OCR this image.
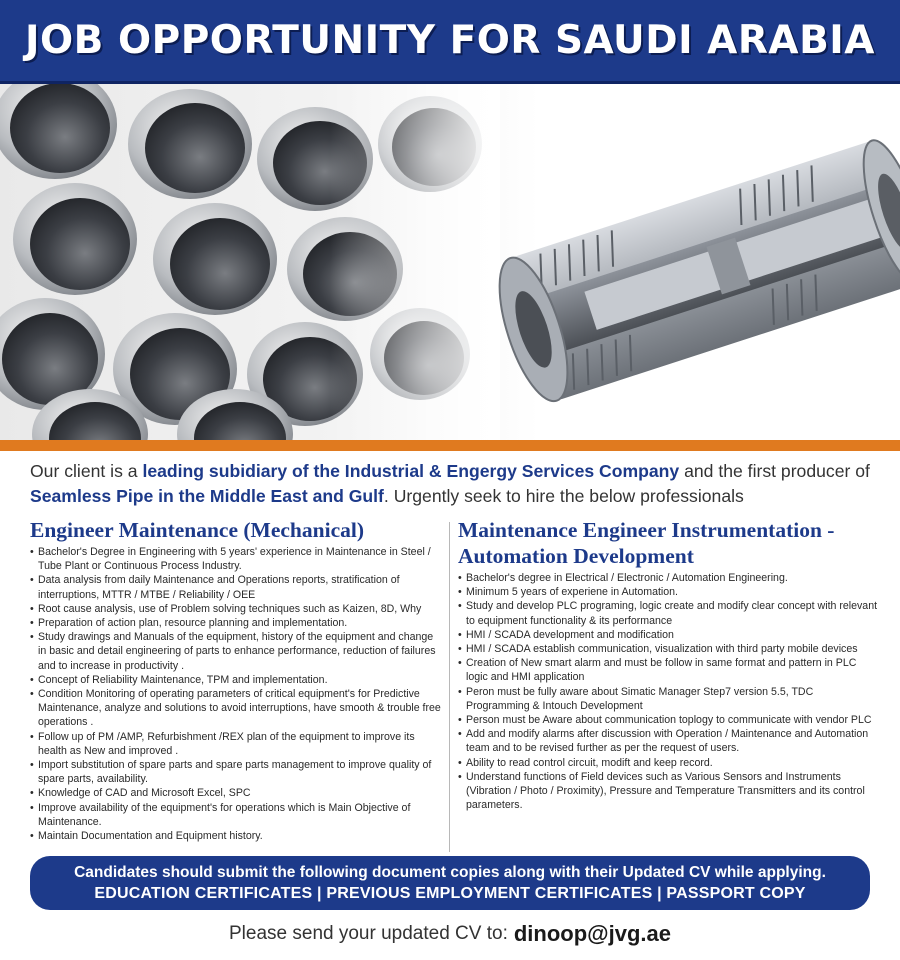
JOB OPPORTUNITY FOR SAUDI ARABIA

Our client is a leading subidiary of the Industrial & Engergy Services Company and the first producer of Seamless Pipe in the Middle East and Gulf. Urgently seek to hire the below professionals

Engineer Maintenance (Mechanical)
• Bachelor's Degree in Engineering with 5 years' experience in Maintenance in Steel / Tube Plant or Continuous Process Industry.
• Data analysis from daily Maintenance and Operations reports, stratification of interruptions, MTTR / MTBE / Reliability / OEE
• Root cause analysis, use of Problem solving techniques such as Kaizen, 8D, Why
• Preparation of action plan, resource planning and implementation.
• Study drawings and Manuals of the equipment, history of the equipment and change in basic and detail engineering of parts to enhance performance, reduction of failures and to increase in productivity .
• Concept of Reliability Maintenance, TPM and implementation.
• Condition Monitoring of operating parameters of critical equipment's for Predictive Maintenance, analyze and solutions to avoid interruptions, have smooth & trouble free operations .
• Follow up of PM /AMP, Refurbishment /REX plan of the equipment to improve its health as New and improved .
• Import substitution of spare parts and spare parts management to improve quality of spare parts, availability.
• Knowledge of CAD and Microsoft Excel, SPC
• Improve availability of the equipment's for operations which is Main Objective of Maintenance.
• Maintain Documentation and Equipment history.
Maintenance Engineer Instrumentation - Automation Development
• Bachelor's degree in Electrical / Electronic / Automation Engineering.
• Minimum 5 years of experiene in Automation.
• Study and develop PLC programing, logic create and modify clear concept with relevant to equipment functionality & its performance
• HMI / SCADA development and modification
• HMI / SCADA establish communication, visualization with third party mobile devices
• Creation of New smart alarm and must be follow in same format and pattern in PLC logic and HMI application
• Peron must be fully aware about Simatic Manager Step7 version 5.5, TDC Programming & Intouch Development
• Person must be Aware about communication toplogy to communicate with vendor PLC
• Add and modify alarms after discussion with Operation / Maintenance and Automation team and to be revised further as per the request of users.
• Ability to read control circuit, modift and keep record.
• Understand functions of Field devices such as Various Sensors and Instruments (Vibration / Photo / Proximity), Pressure and Temperature Transmitters and its control parameters.
Candidates should submit the following document copies along with their Updated CV while applying.
EDUCATION CERTIFICATES | PREVIOUS EMPLOYMENT CERTIFICATES | PASSPORT COPY
Please send your updated CV to: dinoop@jvg.ae
